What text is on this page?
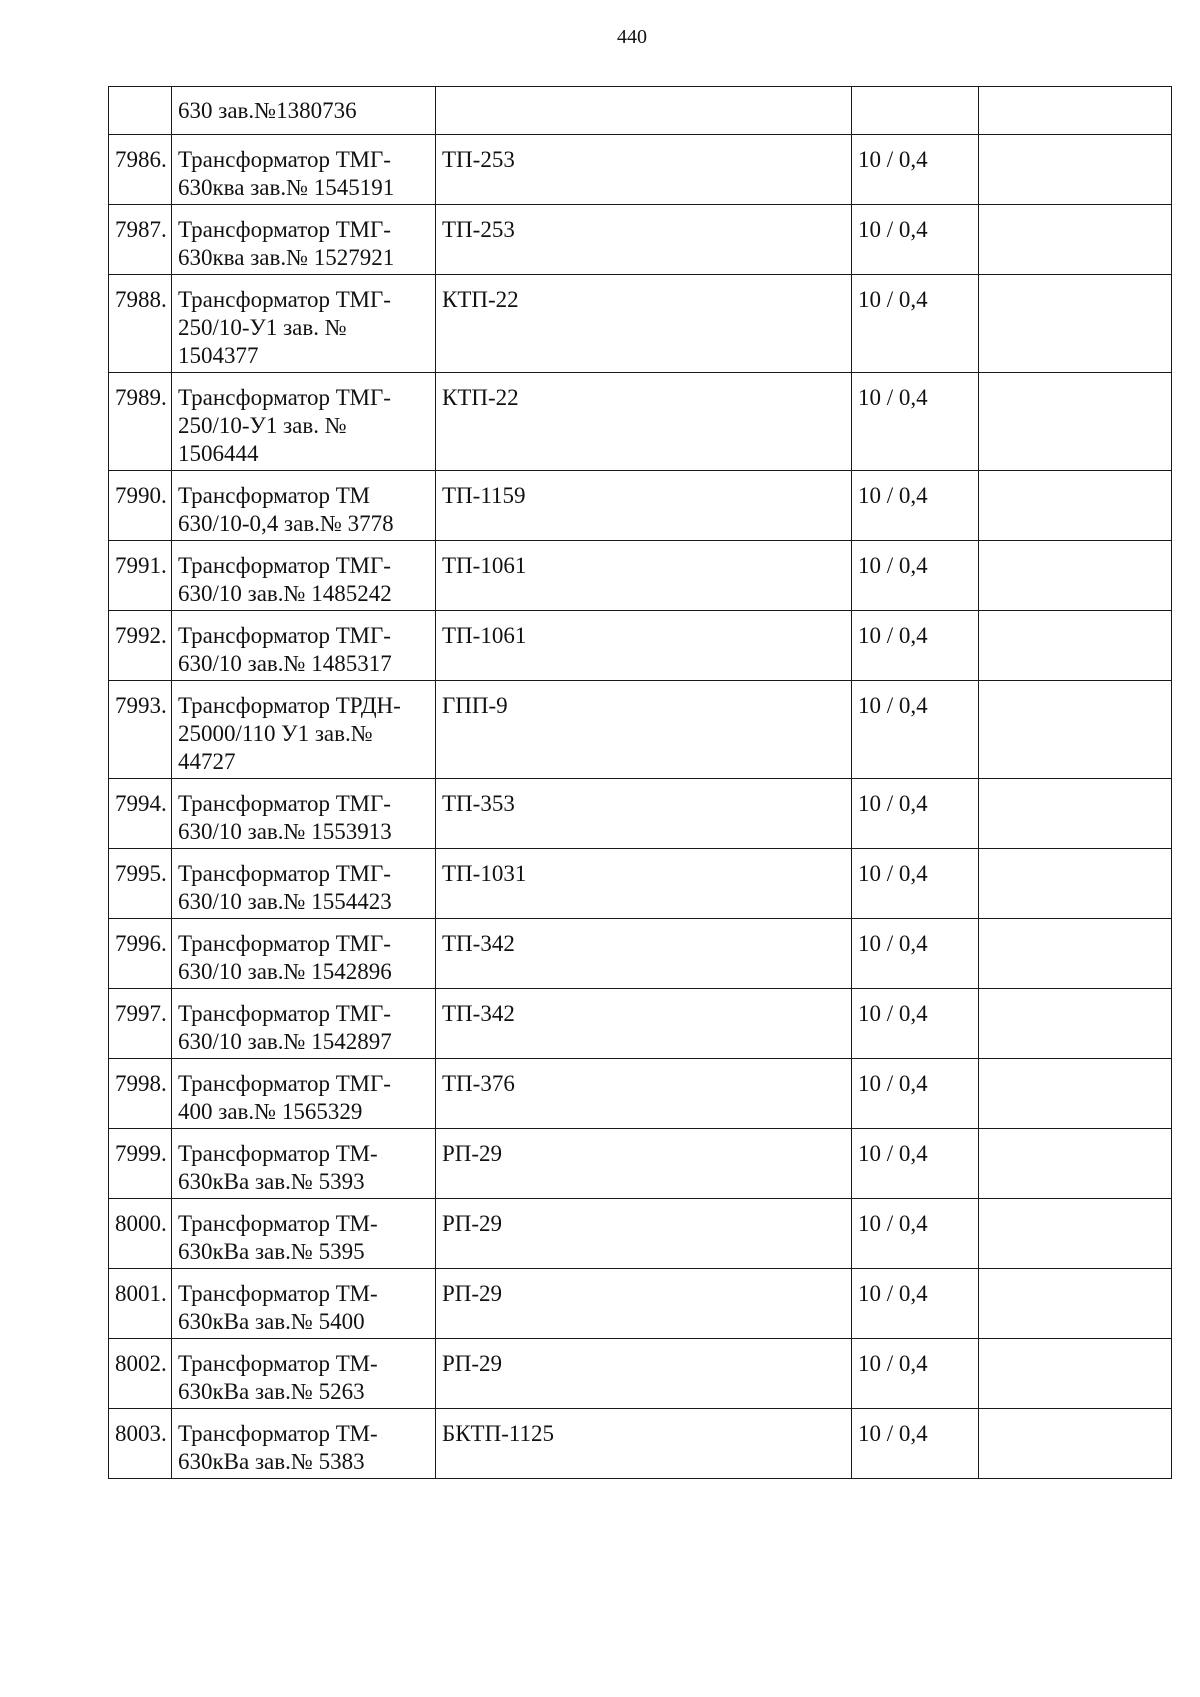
440
	630 зав.№1380736			
7986.	Трансформатор ТМГ-
630ква зав.№ 1545191	ТП-253	10 / 0,4	
7987.	Трансформатор ТМГ-
630ква зав.№ 1527921	ТП-253	10 / 0,4	
7988.	Трансформатор ТМГ-
250/10-У1 зав. №
1504377	КТП-22	10 / 0,4	
7989.	Трансформатор ТМГ-
250/10-У1 зав. №
1506444	КТП-22	10 / 0,4	
7990.	Трансформатор ТМ
630/10-0,4 зав.№ 3778	ТП-1159	10 / 0,4	
7991.	Трансформатор ТМГ-
630/10 зав.№ 1485242	ТП-1061	10 / 0,4	
7992.	Трансформатор ТМГ-
630/10 зав.№ 1485317	ТП-1061	10 / 0,4	
7993.	Трансформатор ТРДН-
25000/110 У1 зав.№
44727	ГПП-9	10 / 0,4	
7994.	Трансформатор ТМГ-
630/10 зав.№ 1553913	ТП-353	10 / 0,4	
7995.	Трансформатор ТМГ-
630/10 зав.№ 1554423	ТП-1031	10 / 0,4	
7996.	Трансформатор ТМГ-
630/10 зав.№ 1542896	ТП-342	10 / 0,4	
7997.	Трансформатор ТМГ-
630/10 зав.№ 1542897	ТП-342	10 / 0,4	
7998.	Трансформатор ТМГ-
400 зав.№ 1565329	ТП-376	10 / 0,4	
7999.	Трансформатор ТМ-
630кВа зав.№ 5393	РП-29	10 / 0,4	
8000.	Трансформатор ТМ-
630кВа зав.№ 5395	РП-29	10 / 0,4	
8001.	Трансформатор ТМ-
630кВа зав.№ 5400	РП-29	10 / 0,4	
8002.	Трансформатор ТМ-
630кВа зав.№ 5263	РП-29	10 / 0,4	
8003.	Трансформатор ТМ-
630кВа зав.№ 5383	БКТП-1125	10 / 0,4	
